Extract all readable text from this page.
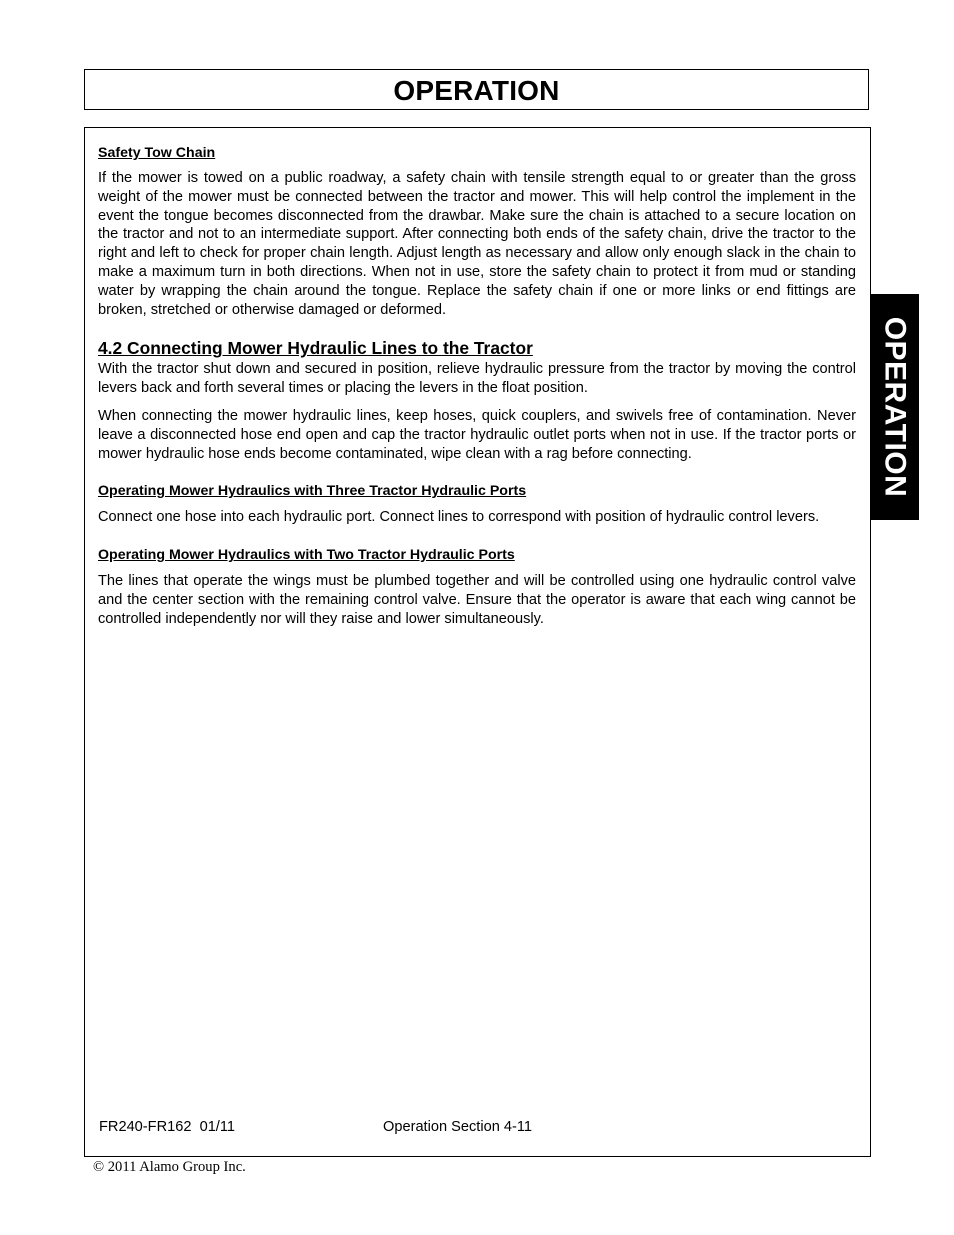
OPERATION
OPERATION
Safety Tow Chain

If the mower is towed on a public roadway, a safety chain with tensile strength equal to or greater than the gross weight of the mower must be connected between the tractor and mower. This will help control the implement in the event the tongue becomes disconnected from the drawbar. Make sure the chain is attached to a secure location on the tractor and not to an intermediate support. After connecting both ends of the safety chain, drive the tractor to the right and left to check for proper chain length. Adjust length as necessary and allow only enough slack in the chain to make a maximum turn in both directions. When not in use, store the safety chain to protect it from mud or standing water by wrapping the chain around the tongue. Replace the safety chain if one or more links or end fittings are broken, stretched or otherwise damaged or deformed.

4.2 Connecting Mower Hydraulic Lines to the Tractor

With the tractor shut down and secured in position, relieve hydraulic pressure from the tractor by moving the control levers back and forth several times or placing the levers in the float position.

When connecting the mower hydraulic lines, keep hoses, quick couplers, and swivels free of contamination. Never leave a disconnected hose end open and cap the tractor hydraulic outlet ports when not in use. If the tractor ports or mower hydraulic hose ends become contaminated, wipe clean with a rag before connecting.

Operating Mower Hydraulics with Three Tractor Hydraulic Ports

Connect one hose into each hydraulic port. Connect lines to correspond with position of hydraulic control levers.

Operating Mower Hydraulics with Two Tractor Hydraulic Ports

The lines that operate the wings must be plumbed together and will be controlled using one hydraulic control valve and the center section with the remaining control valve. Ensure that the operator is aware that each wing cannot be controlled independently nor will they raise and lower simultaneously.

FR240-FR162  01/11	Operation Section 4-11
© 2011 Alamo Group Inc.
